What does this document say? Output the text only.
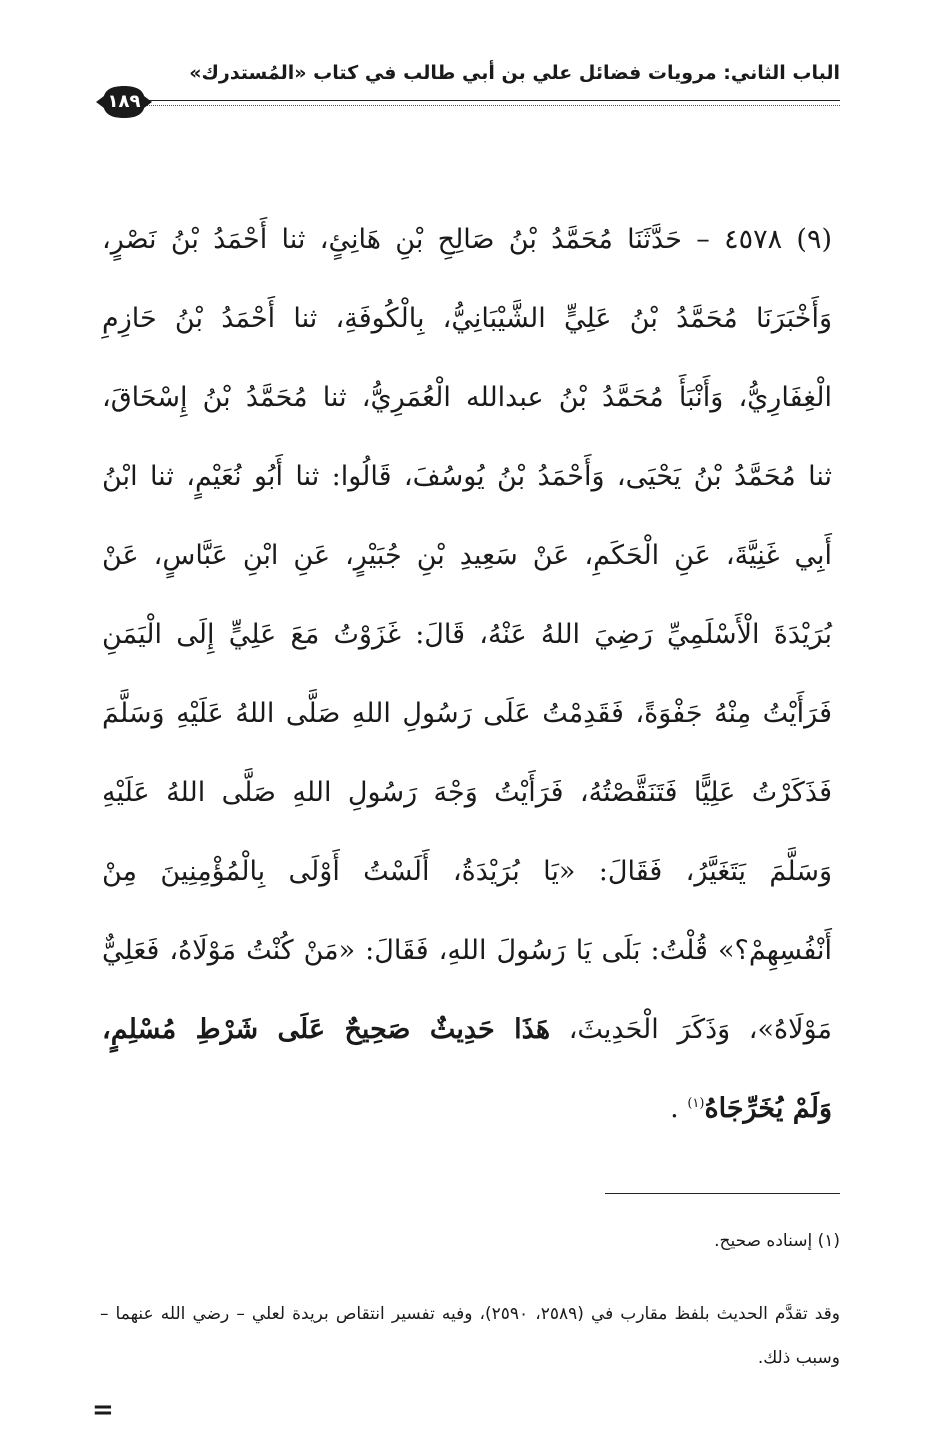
الباب الثاني: مرويات فضائل علي بن أبي طالب في كتاب «المُستدرك»
١٨٩
(٩) ٤٥٧٨ – حَدَّثَنَا مُحَمَّدُ بْنُ صَالِحِ بْنِ هَانِئٍ، ثنا أَحْمَدُ بْنُ نَصْرٍ،
وَأَخْبَرَنَا مُحَمَّدُ بْنُ عَلِيٍّ الشَّيْبَانِيُّ، بِالْكُوفَةِ، ثنا أَحْمَدُ بْنُ حَازِمِ
الْغِفَارِيُّ، وَأَنْبَأَ مُحَمَّدُ بْنُ عبدالله الْعُمَرِيُّ، ثنا مُحَمَّدُ بْنُ إِسْحَاقَ،
ثنا مُحَمَّدُ بْنُ يَحْيَى، وَأَحْمَدُ بْنُ يُوسُفَ، قَالُوا: ثنا أَبُو نُعَيْمٍ، ثنا ابْنُ
أَبِي غَنِيَّةَ، عَنِ الْحَكَمِ، عَنْ سَعِيدِ بْنِ جُبَيْرٍ، عَنِ ابْنِ عَبَّاسٍ، عَنْ
بُرَيْدَةَ الْأَسْلَمِيِّ رَضِيَ اللهُ عَنْهُ، قَالَ: غَزَوْتُ مَعَ عَلِيٍّ إِلَى الْيَمَنِ
فَرَأَيْتُ مِنْهُ جَفْوَةً، فَقَدِمْتُ عَلَى رَسُولِ اللهِ صَلَّى اللهُ عَلَيْهِ وَسَلَّمَ
فَذَكَرْتُ عَلِيًّا فَتَنَقَّصْتُهُ، فَرَأَيْتُ وَجْهَ رَسُولِ اللهِ صَلَّى اللهُ عَلَيْهِ
وَسَلَّمَ يَتَغَيَّرُ، فَقَالَ: «يَا بُرَيْدَةُ، أَلَسْتُ أَوْلَى بِالْمُؤْمِنِينَ مِنْ
أَنْفُسِهِمْ؟» قُلْتُ: بَلَى يَا رَسُولَ اللهِ، فَقَالَ: «مَنْ كُنْتُ مَوْلَاهُ، فَعَلِيٌّ
مَوْلَاهُ»، وَذَكَرَ الْحَدِيثَ، هَذَا حَدِيثٌ صَحِيحٌ عَلَى شَرْطِ مُسْلِمٍ،
وَلَمْ يُخَرِّجَاهُ$^{(١)}$ .
(١) إسناده صحيح.
وقد تقدَّم الحديث بلفظ مقارب في (٢٥٨٩، ٢٥٩٠)، وفيه تفسير انتقاص بريدة لعلي – رضي الله عنهما – وسبب ذلك.
=
